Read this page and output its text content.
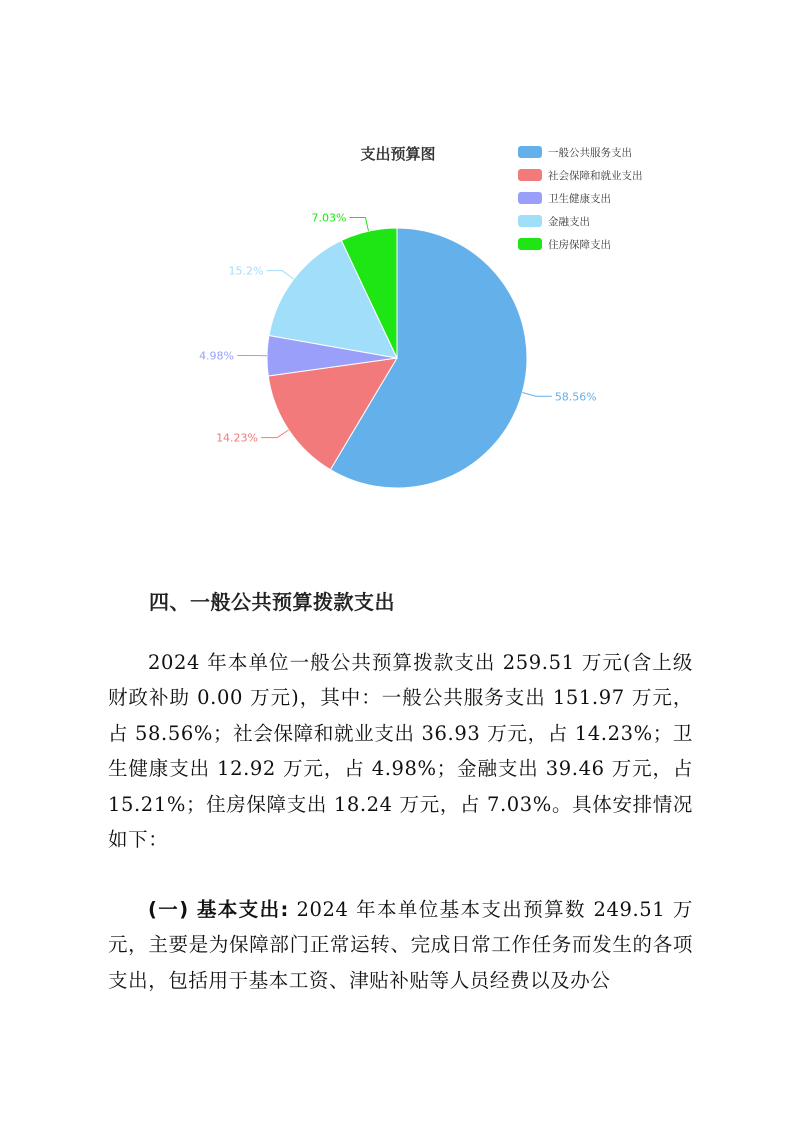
支出预算图	一般公共服务支出
社会保障和就业支出
卫生健康支出
金融支出
住房保障支出
58.56%
14.23%
4.98%
15.2%
7.03%
四、一般公共预算拨款支出

2024 年本单位一般公共预算拨款支出 259.51 万元(含上级财政补助 0.00 万元)，其中：一般公共服务支出 151.97 万元，占 58.56%；社会保障和就业支出 36.93 万元，占 14.23%；卫生健康支出 12.92 万元，占 4.98%；金融支出 39.46 万元，占 15.21%；住房保障支出 18.24 万元，占 7.03%。具体安排情况如下：

(一) 基本支出: 2024 年本单位基本支出预算数 249.51 万元，主要是为保障部门正常运转、完成日常工作任务而发生的各项支出，包括用于基本工资、津贴补贴等人员经费以及办公
